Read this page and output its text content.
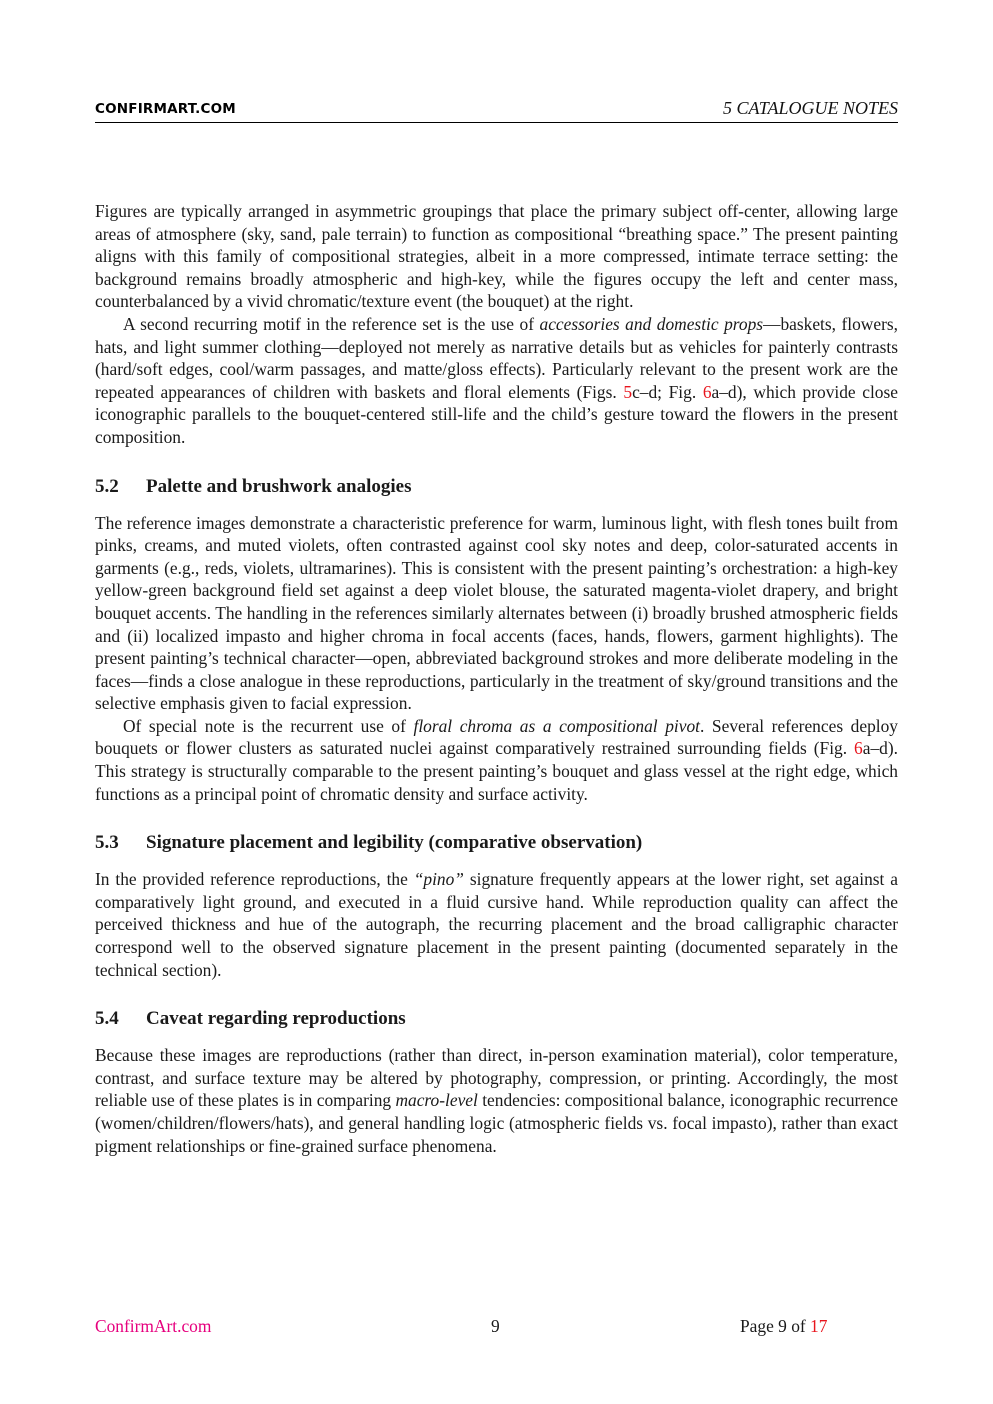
CONFIRMART.COM	5 CATALOGUE NOTES

Figures are typically arranged in asymmetric groupings that place the primary subject off-center, allowing large areas of atmosphere (sky, sand, pale terrain) to function as compositional “breathing space.” The present painting aligns with this family of compositional strategies, albeit in a more compressed, intimate terrace setting: the background remains broadly atmospheric and high-key, while the figures occupy the left and center mass, counterbalanced by a vivid chromatic/texture event (the bouquet) at the right.

A second recurring motif in the reference set is the use of accessories and domestic props—baskets, flowers, hats, and light summer clothing—deployed not merely as narrative details but as vehicles for painterly contrasts (hard/soft edges, cool/warm passages, and matte/gloss effects). Particularly relevant to the present work are the repeated appearances of children with baskets and floral elements (Figs. 5c–d; Fig. 6a–d), which provide close iconographic parallels to the bouquet-centered still-life and the child’s gesture toward the flowers in the present composition.

5.2 Palette and brushwork analogies

The reference images demonstrate a characteristic preference for warm, luminous light, with flesh tones built from pinks, creams, and muted violets, often contrasted against cool sky notes and deep, color-saturated accents in garments (e.g., reds, violets, ultramarines). This is consistent with the present painting’s orchestration: a high-key yellow-green background field set against a deep violet blouse, the saturated magenta-violet drapery, and bright bouquet accents. The handling in the references similarly alternates between (i) broadly brushed atmospheric fields and (ii) localized impasto and higher chroma in focal accents (faces, hands, flowers, garment highlights). The present painting’s technical character—open, abbreviated background strokes and more deliberate modeling in the faces—finds a close analogue in these reproductions, particularly in the treatment of sky/ground transitions and the selective emphasis given to facial expression.

Of special note is the recurrent use of floral chroma as a compositional pivot. Several references deploy bouquets or flower clusters as saturated nuclei against comparatively restrained surrounding fields (Fig. 6a–d). This strategy is structurally comparable to the present painting’s bouquet and glass vessel at the right edge, which functions as a principal point of chromatic density and surface activity.

5.3 Signature placement and legibility (comparative observation)

In the provided reference reproductions, the “pino” signature frequently appears at the lower right, set against a comparatively light ground, and executed in a fluid cursive hand. While reproduction quality can affect the perceived thickness and hue of the autograph, the recurring placement and the broad calligraphic character correspond well to the observed signature placement in the present painting (documented separately in the technical section).

5.4 Caveat regarding reproductions

Because these images are reproductions (rather than direct, in-person examination material), color temperature, contrast, and surface texture may be altered by photography, compression, or printing. Accordingly, the most reliable use of these plates is in comparing macro-level tendencies: compositional balance, iconographic recurrence (women/children/flowers/hats), and general handling logic (atmospheric fields vs. focal impasto), rather than exact pigment relationships or fine-grained surface phenomena.

ConfirmArt.com	9	Page 9 of 17
